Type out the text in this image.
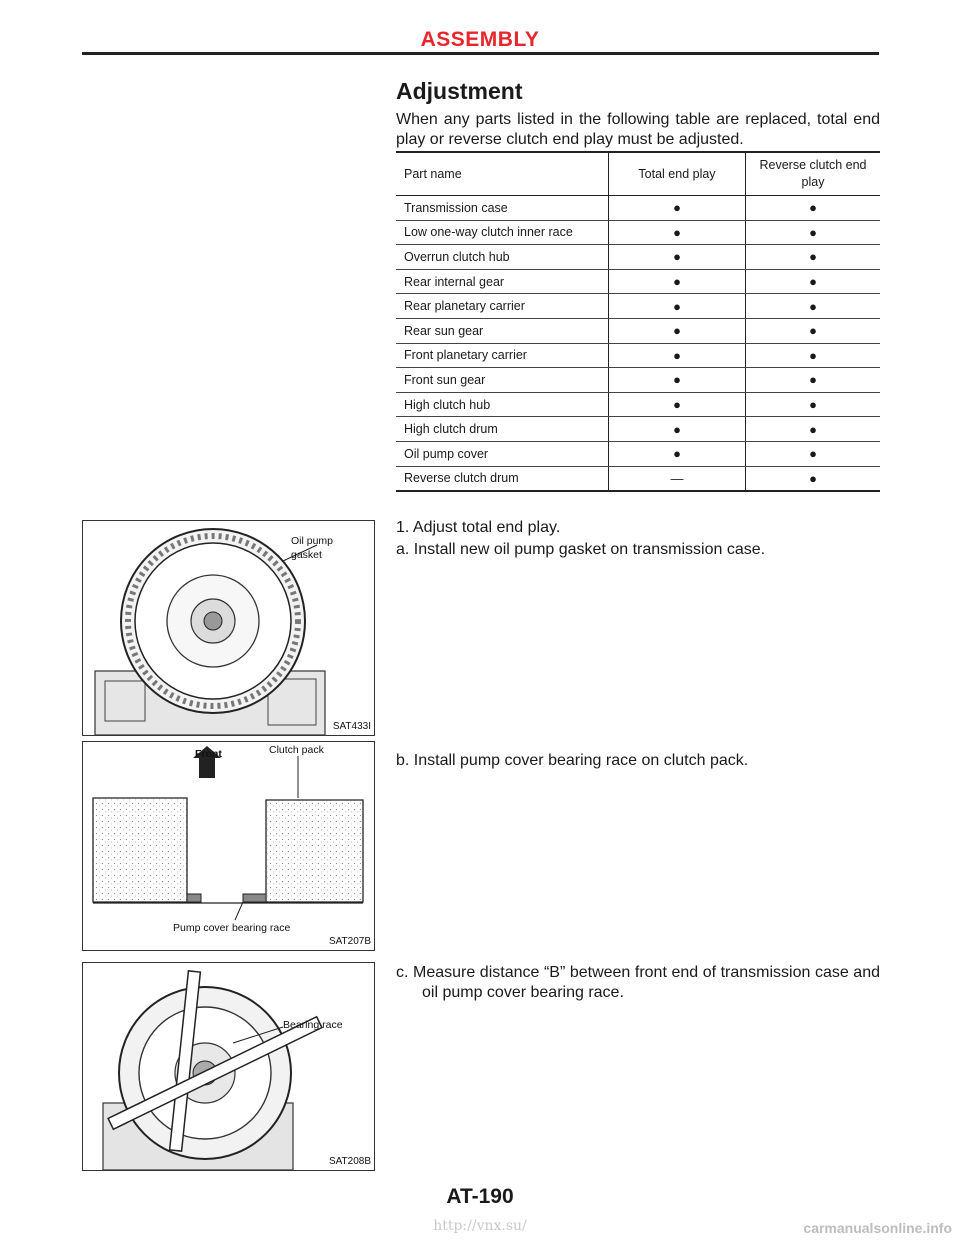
ASSEMBLY
Adjustment
When any parts listed in the following table are replaced, total end play or reverse clutch end play must be adjusted.
Part name	Total end play	Reverse clutch end play
Transmission case	●	●
Low one-way clutch inner race	●	●
Overrun clutch hub	●	●
Rear internal gear	●	●
Rear planetary carrier	●	●
Rear sun gear	●	●
Front planetary carrier	●	●
Front sun gear	●	●
High clutch hub	●	●
High clutch drum	●	●
Oil pump cover	●	●
Reverse clutch drum	—	●
1. Adjust total end play.
a. Install new oil pump gasket on transmission case.
b. Install pump cover bearing race on clutch pack.
c. Measure distance “B” between front end of transmission case and oil pump cover bearing race.
Oil pump
gasket
SAT433I
Front	Clutch pack
Pump cover bearing race
SAT207B
Bearing race
SAT208B
AT-190
http://vnx.su/	carmanualsonline.info
